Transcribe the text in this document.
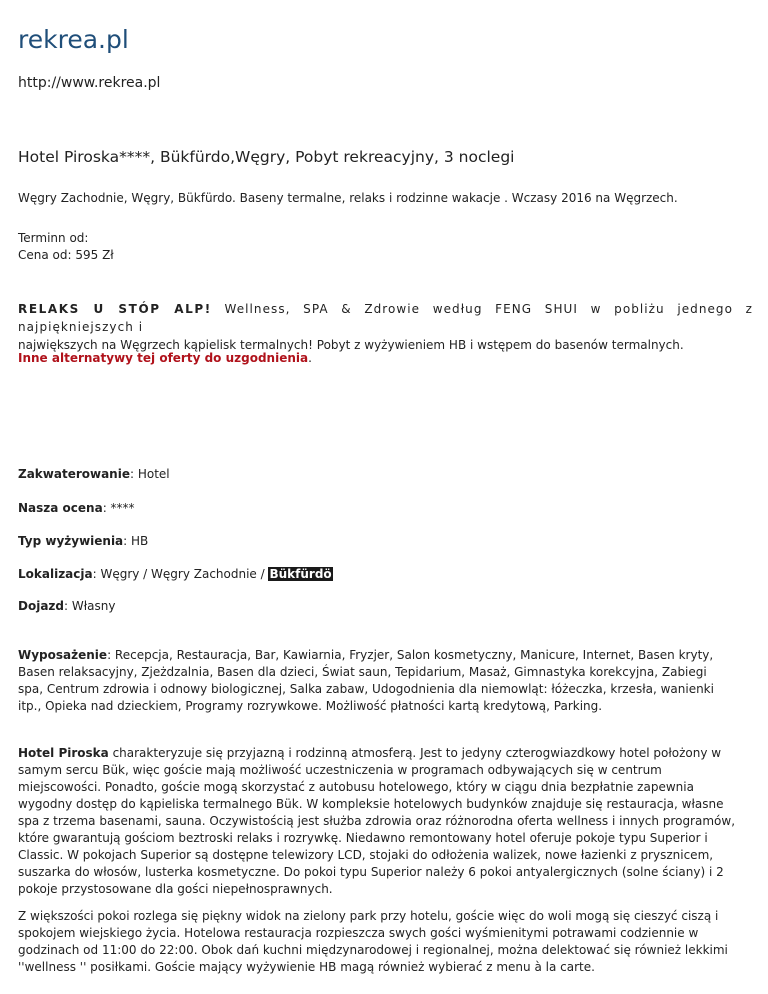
rekrea.pl
http://www.rekrea.pl
Hotel Piroska****, Bükfürdo,Węgry, Pobyt rekreacyjny, 3 noclegi
Węgry Zachodnie, Węgry, Bükfürdo. Baseny termalne, relaks i rodzinne wakacje . Wczasy 2016 na Węgrzech.
Terminn od:
Cena od: 595 Zł
RELAKS U STÓP ALP! Wellness, SPA & Zdrowie według FENG SHUI w pobliżu jednego z najpiękniejszych i
największych na Węgrzech kąpielisk termalnych! Pobyt z wyżywieniem HB i wstępem do basenów termalnych.
Inne alternatywy tej oferty do uzgodnienia.
Zakwaterowanie: Hotel
Nasza ocena: ****
Typ wyżywienia: HB
Lokalizacja: Węgry / Węgry Zachodnie / Bükfürdö
Dojazd: Własny
Wyposażenie: Recepcja, Restauracja, Bar, Kawiarnia, Fryzjer, Salon kosmetyczny, Manicure, Internet, Basen kryty,
Basen relaksacyjny, Zjeżdzalnia, Basen dla dzieci, Świat saun, Tepidarium, Masaż, Gimnastyka korekcyjna, Zabiegi
spa, Centrum zdrowia i odnowy biologicznej, Salka zabaw, Udogodnienia dla niemowląt: łóżeczka, krzesła, wanienki
itp., Opieka nad dzieckiem, Programy rozrywkowe. Możliwość płatności kartą kredytową, Parking.
Hotel Piroska charakteryzuje się przyjazną i rodzinną atmosferą. Jest to jedyny czterogwiazdkowy hotel położony w
samym sercu Bük, więc goście mają możliwość uczestniczenia w programach odbywających się w centrum
miejscowości. Ponadto, goście mogą skorzystać z autobusu hotelowego, który w ciągu dnia bezpłatnie zapewnia
wygodny dostęp do kąpieliska termalnego Bük. W kompleksie hotelowych budynków znajduje się restauracja, własne
spa z trzema basenami, sauna. Oczywistością jest służba zdrowia oraz różnorodna oferta wellness i innych programów,
które gwarantują gościom beztroski relaks i rozrywkę. Niedawno remontowany hotel oferuje pokoje typu Superior i
Classic. W pokojach Superior są dostępne telewizory LCD, stojaki do odłożenia walizek, nowe łazienki z prysznicem,
suszarka do włosów, lusterka kosmetyczne. Do pokoi typu Superior należy 6 pokoi antyalergicznych (solne ściany) i 2
pokoje przystosowane dla gości niepełnosprawnych.
Z większości pokoi rozlega się piękny widok na zielony park przy hotelu, goście więc do woli mogą się cieszyć ciszą i
spokojem wiejskiego życia. Hotelowa restauracja rozpieszcza swych gości wyśmienitymi potrawami codziennie w
godzinach od 11:00 do 22:00. Obok dań kuchni międzynarodowej i regionalnej, można delektować się również lekkimi
''wellness '' posiłkami. Goście mający wyżywienie HB magą również wybierać z menu à la carte.
